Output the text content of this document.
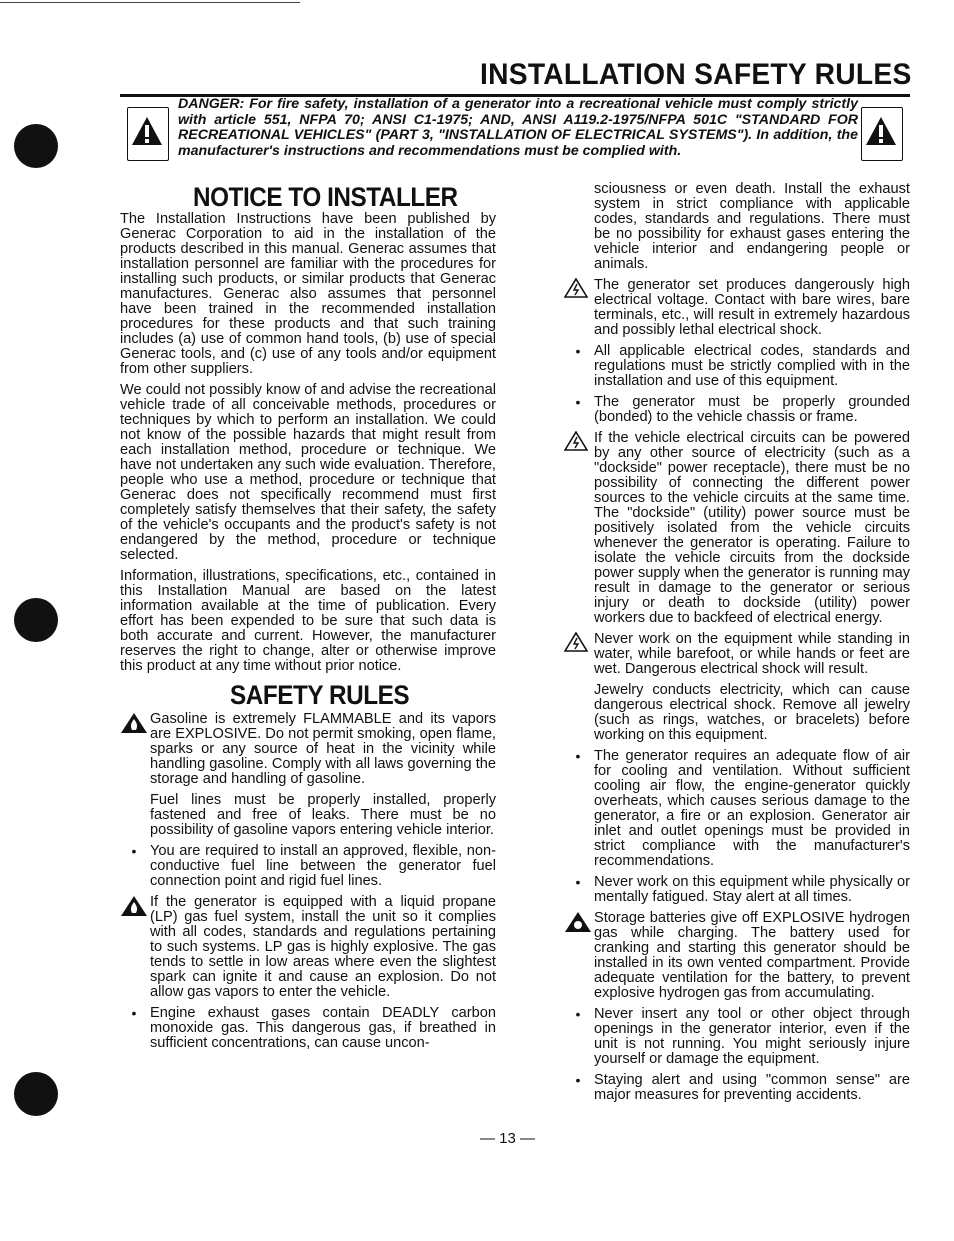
INSTALLATION SAFETY RULES
DANGER: For fire safety, installation of a generator into a recreational vehicle must comply strictly with article 551, NFPA 70; ANSI C1-1975; AND, ANSI A119.2-1975/NFPA 501C "STANDARD FOR RECREATIONAL VEHICLES" (PART 3, "INSTALLATION OF ELECTRICAL SYSTEMS"). In addition, the manufacturer's instructions and recommendations must be complied with.
NOTICE TO INSTALLER

The Installation Instructions have been published by Generac Corporation to aid in the installation of the products described in this manual. Generac assumes that installation personnel are familiar with the procedures for installing such products, or similar products that Generac manufactures. Generac also assumes that personnel have been trained in the recommended installation procedures for these products and that such training includes (a) use of common hand tools, (b) use of special Generac tools, and (c) use of any tools and/or equipment from other suppliers.

We could not possibly know of and advise the recreational vehicle trade of all conceivable methods, procedures or techniques by which to perform an installation. We could not know of the possible hazards that might result from each installation method, procedure or technique. We have not undertaken any such wide evaluation. Therefore, people who use a method, procedure or technique that Generac does not specifically recommend must first completely satisfy themselves that their safety, the safety of the vehicle's occupants and the product's safety is not endangered by the method, procedure or technique selected.

Information, illustrations, specifications, etc., contained in this Installation Manual are based on the latest information available at the time of publication. Every effort has been expended to be sure that such data is both accurate and current. However, the manufacturer reserves the right to change, alter or otherwise improve this product at any time without prior notice.

SAFETY RULES
Gasoline is extremely FLAMMABLE and its vapors are EXPLOSIVE. Do not permit smoking, open flame, sparks or any source of heat in the vicinity while handling gasoline. Comply with all laws governing the storage and handling of gasoline.
Fuel lines must be properly installed, properly fastened and free of leaks. There must be no possibility of gasoline vapors entering vehicle interior.
• You are required to install an approved, flexible, non-conductive fuel line between the generator fuel connection point and rigid fuel lines.
If the generator is equipped with a liquid propane (LP) gas fuel system, install the unit so it complies with all codes, standards and regulations pertaining to such systems. LP gas is highly explosive. The gas tends to settle in low areas where even the slightest spark can ignite it and cause an explosion. Do not allow gas vapors to enter the vehicle.
• Engine exhaust gases contain DEADLY carbon monoxide gas. This dangerous gas, if breathed in sufficient concentrations, can cause uncon-
sciousness or even death. Install the exhaust system in strict compliance with applicable codes, standards and regulations. There must be no possibility for exhaust gases entering the vehicle interior and endangering people or animals.
The generator set produces dangerously high electrical voltage. Contact with bare wires, bare terminals, etc., will result in extremely hazardous and possibly lethal electrical shock.
• All applicable electrical codes, standards and regulations must be strictly complied with in the installation and use of this equipment.
• The generator must be properly grounded (bonded) to the vehicle chassis or frame.
If the vehicle electrical circuits can be powered by any other source of electricity (such as a "dockside" power receptacle), there must be no possibility of connecting the different power sources to the vehicle circuits at the same time. The "dockside" (utility) power source must be positively isolated from the vehicle circuits whenever the generator is operating. Failure to isolate the vehicle circuits from the dockside power supply when the generator is running may result in damage to the generator or serious injury or death to dockside (utility) power workers due to backfeed of electrical energy.
Never work on the equipment while standing in water, while barefoot, or while hands or feet are wet. Dangerous electrical shock will result.
Jewelry conducts electricity, which can cause dangerous electrical shock. Remove all jewelry (such as rings, watches, or bracelets) before working on this equipment.
• The generator requires an adequate flow of air for cooling and ventilation. Without sufficient cooling air flow, the engine-generator quickly overheats, which causes serious damage to the generator, a fire or an explosion. Generator air inlet and outlet openings must be provided in strict compliance with the manufacturer's recommendations.
• Never work on this equipment while physically or mentally fatigued. Stay alert at all times.
Storage batteries give off EXPLOSIVE hydrogen gas while charging. The battery used for cranking and starting this generator should be installed in its own vented compartment. Provide adequate ventilation for the battery, to prevent explosive hydrogen gas from accumulating.
• Never insert any tool or other object through openings in the generator interior, even if the unit is not running. You might seriously injure yourself or damage the equipment.
• Staying alert and using "common sense" are major measures for preventing accidents.
— 13 —
